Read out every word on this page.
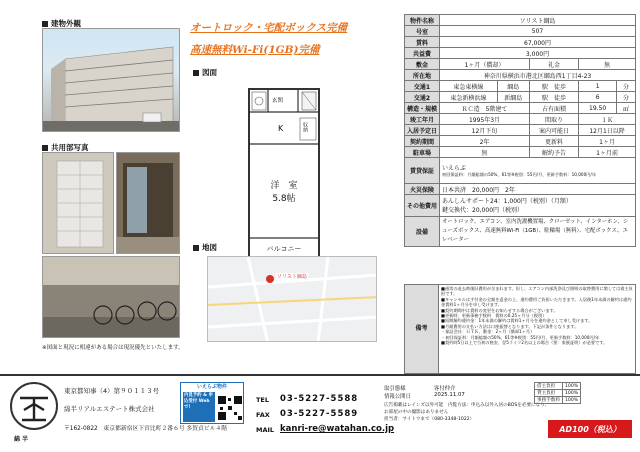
建物外観
共用部写真
※図面と現況に相違がある場合は現況優先といたします。
オートロック・宅配ボックス完備
高速無料Wi-Fi(1GB)完備
図面
玄関
収納
K
洋　室
5.8帖
バルコニー
地図
ソリスト綱島
物件名称	ソリスト綱島				
号室	507				
賃料	67,000円				
共益費	3,000円				
敷金	1ヶ月（償却）		礼金	無	
所在地	神奈川県横浜市港北区綱島西1丁目4-23				
交通1	東急東横線	綱島	駅　徒歩	1	分
交通2	東急新横浜線	新綱島	駅　徒歩	6	分
構造・規模	ＲＣ造　5階建て		占有面積	19.50	㎡
竣工年月	1995年3月		間取り	１Ｋ	
入居予定日	12月下旬		案内可能日	12月1日以降	
契約期間	2年		更新料	1ヶ月	
駐車場	無		解約予告	1ヶ月前	
賃貸保証	いえらぶ
初回保証料：月額総額の50%、61等※税別：55円/月、更新手数料：10,000円/年				

火災保険	日本共済　20,000円　2年				
その他費用	あんしんサポート24：1,000円（税別）（月額）
鍵交換代：20,000円（税別）				

設備	オートロック、エアコン、室内洗濯機置場、クローゼット、インターホン、シューズボックス、高速無料Wi-Fi（1GB）、駐輪場（無料）、宅配ボックス、エレベーター				
備考
■通常の退去時復旧費用が含まれます。但し、エアコン内部洗浄及び照明の取替費用に関しては借主負担です。
■キャンセルは手付金の全額を返金の上、違約費用ご負担いただきます。入居後1年未満の解約は違約金賃料1ヶ月分を申し受けます。
■契約期間中は賃料の変更をお知らせする場合がございます。
■更新時、更新事務手数料　賃料の0.25ヶ月分（税別）
■短期解約違約金：1年未満の解約は賃料1ヶ月分を違約金として申し受けます。
■月額費用の支払い方法は口座振替となります。下記が条件となります。
・保証会社：ＧＴＫ、敷金：2ヶ月（償却1ヶ月）
・初回保証料：月額総額の50%、61等※税別：55円/月、更新手数料：10,000円/年
■契約時5日以上で当初の格安、翌5ライフ2名以上の場合（要：家族証明）が必要です。
綿半
東京都知事（4）第９０１１３号
綿半リアルエステート株式会社
〒162-0822　東京都新宿区下宮比町２番６号 多賀貞ビル４階
いえらぶ物件
内見予約 & 申込受付 Webで!
TEL 03-5227-5588
FAX 03-5227-5589
MAIL kanri-re@watahan.co.jp
取引態様	客付仲介
情報公開日	2025.11.07
広告掲載はレインズ以外可能　内覧方法：申込み以外入居のBOSを必要になり、
お部屋の中の撮影はありません
担当者：サイトウまで（080-3348-1022）
借主負担	100%
貸主負担	100%
事務手数料	100%
AD100（税込）
